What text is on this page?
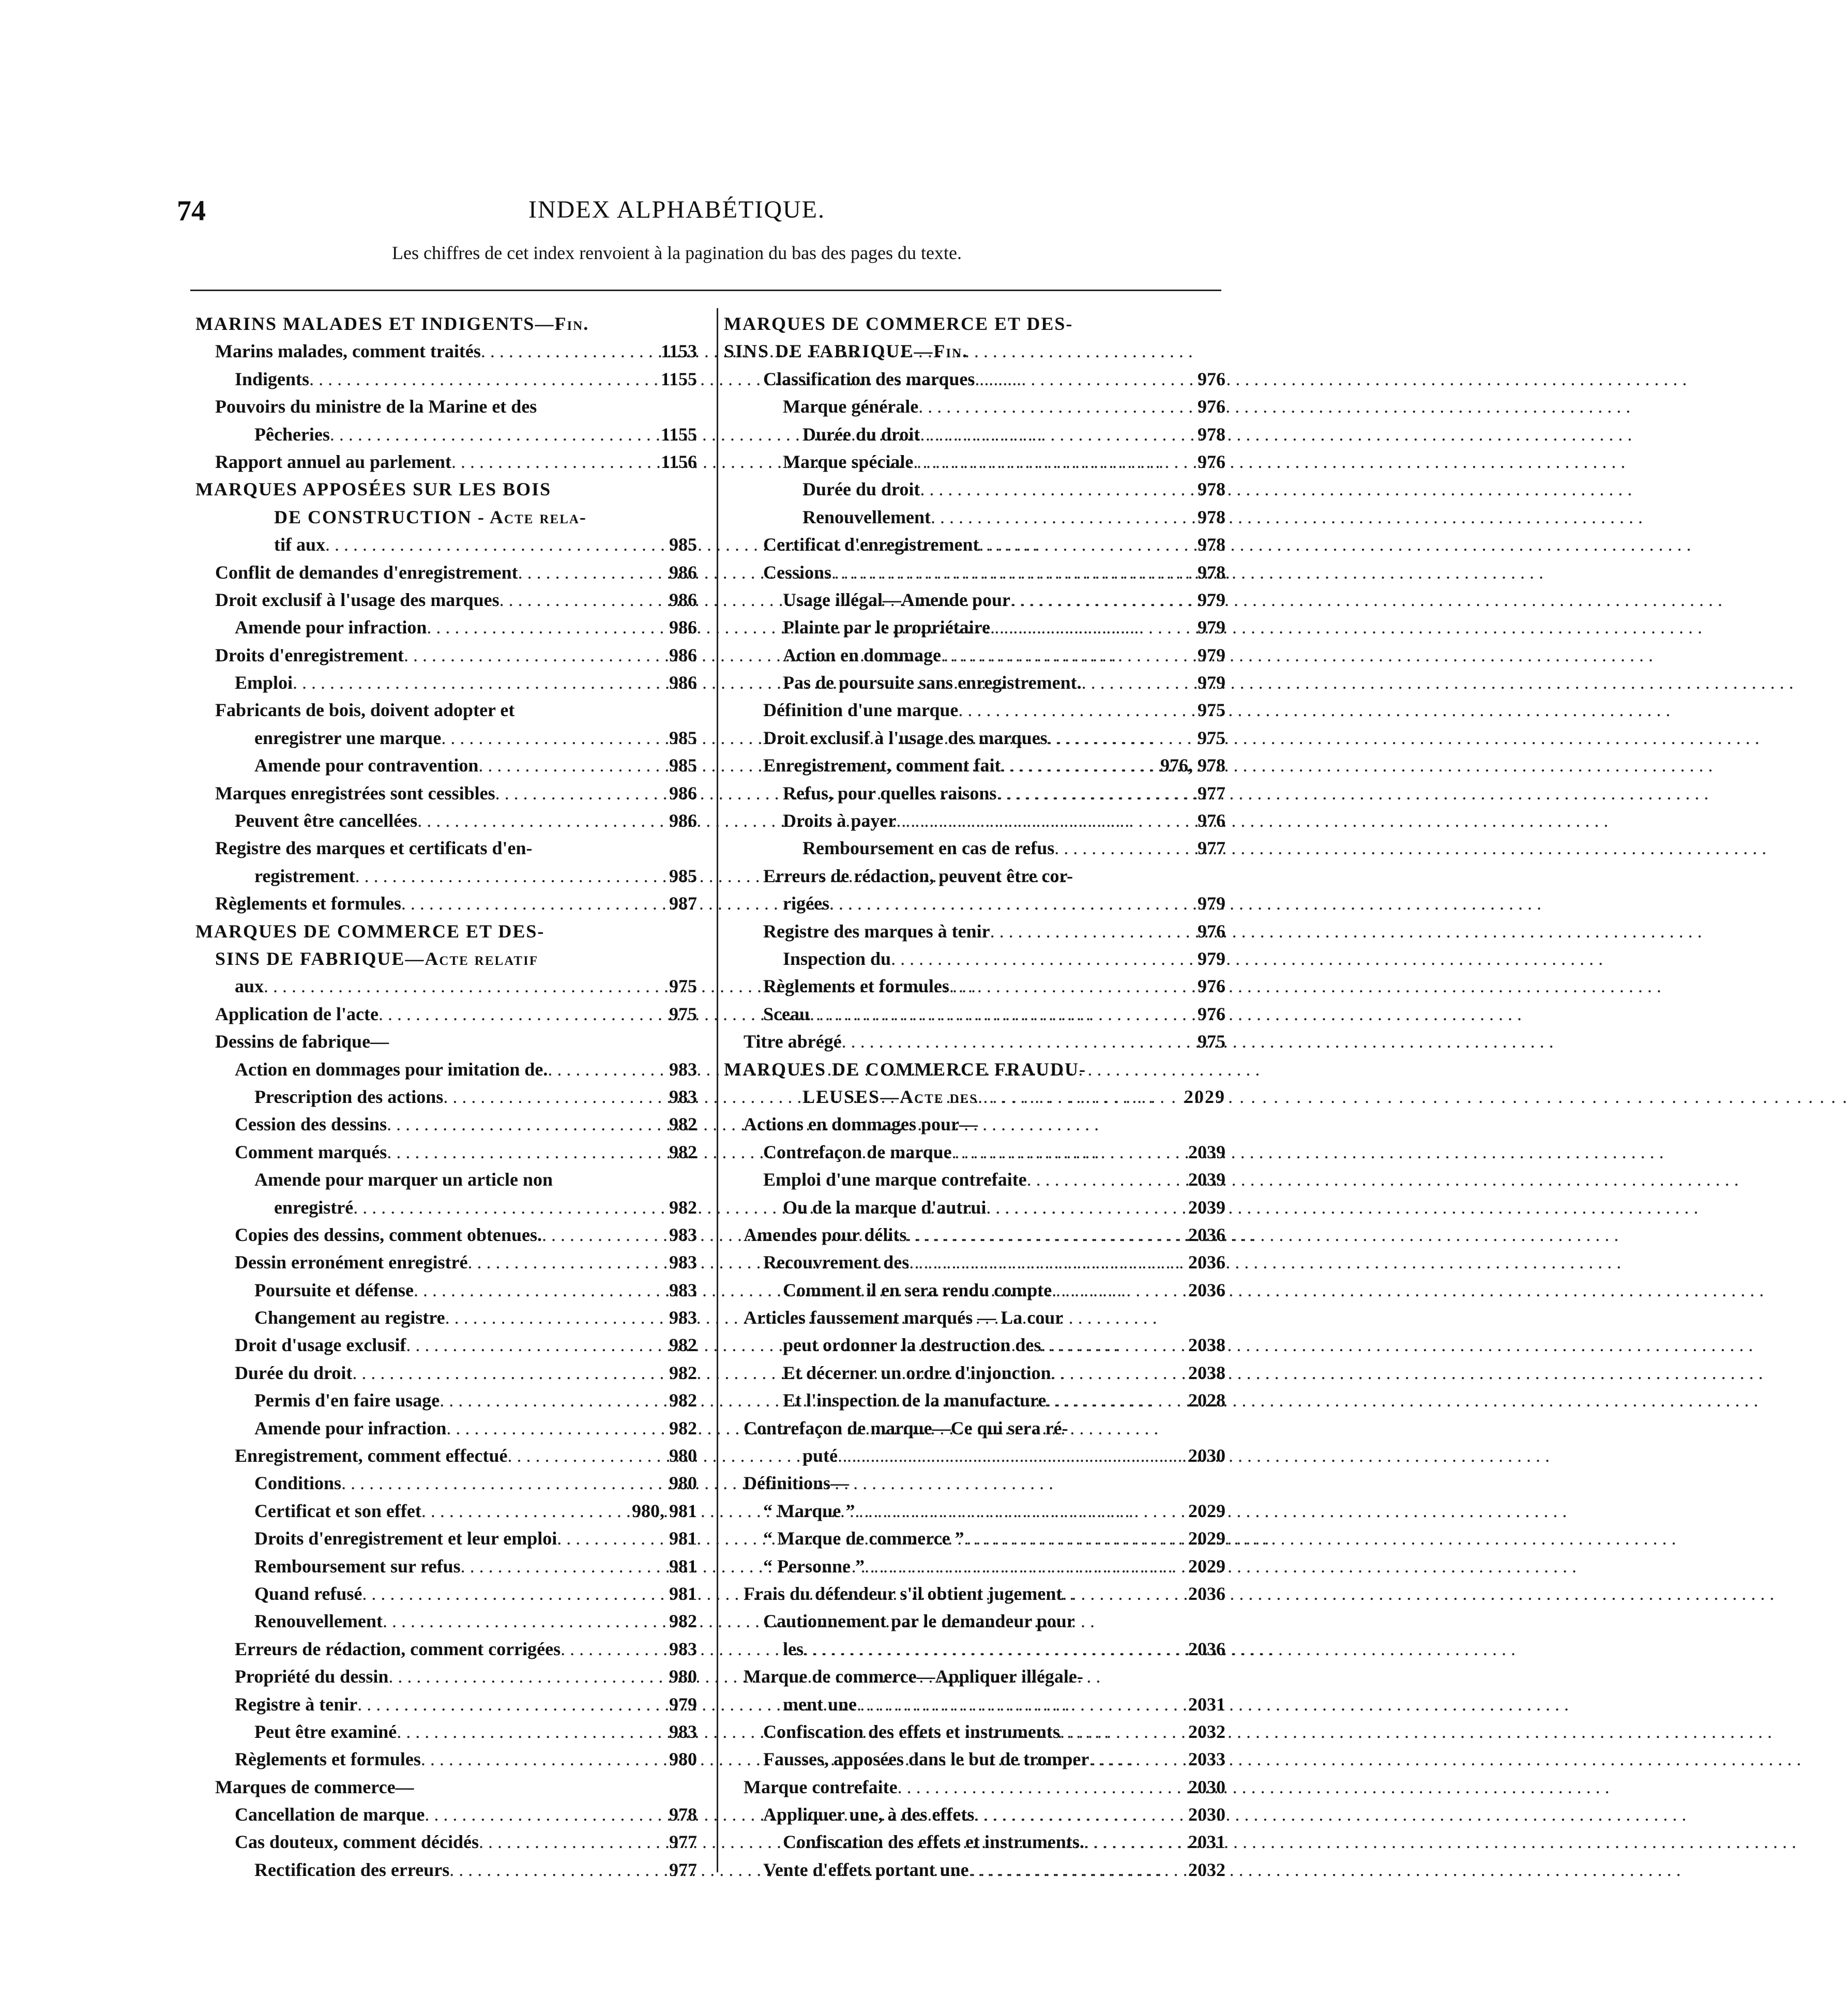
74	INDEX ALPHABÉTIQUE.
Les chiffres de cet index renvoient à la pagination du bas des pages du texte.
MARINS MALADES ET INDIGENTS—Fin.
Marins malades, comment traités . . .	1153
Indigents . . .	1155
Pouvoirs du ministre de la Marine et des
Pêcheries . . .	1155
Rapport annuel au parlement . . .	1156
MARQUES APPOSÉES SUR LES BOIS
DE CONSTRUCTION - Acte rela-
tif aux . . .	985
Conflit de demandes d'enregistrement . . .	986
Droit exclusif à l'usage des marques . . .	986
Amende pour infraction . . .	986
Droits d'enregistrement . . .	986
Emploi . . .	986
Fabricants de bois, doivent adopter et
enregistrer une marque . . .	985
Amende pour contravention . . .	985
Marques enregistrées sont cessibles . . .	986
Peuvent être cancellées . . .	986
Registre des marques et certificats d'en-
registrement . . .	985
Règlements et formules . . .	987
MARQUES DE COMMERCE ET DES-
SINS DE FABRIQUE—Acte relatif
aux . . .	975
Application de l'acte . . .	975
Dessins de fabrique—
Action en dommages pour imitation de. . . .	983
Prescription des actions . . .	983
Cession des dessins . . .	982
Comment marqués . . .	982
Amende pour marquer un article non
enregistré . . .	982
Copies des dessins, comment obtenues. . . .	983
Dessin erronément enregistré . . .	983
Poursuite et défense . . .	983
Changement au registre . . .	983
Droit d'usage exclusif . . .	982
Durée du droit . . .	982
Permis d'en faire usage . . .	982
Amende pour infraction . . .	982
Enregistrement, comment effectué . . .	980
Conditions . . .	980
Certificat et son effet . . .	980, 981
Droits d'enregistrement et leur emploi . . .	981
Remboursement sur refus . . .	981
Quand refusé . . .	981
Renouvellement . . .	982
Erreurs de rédaction, comment corrigées . . .	983
Propriété du dessin . . .	980
Registre à tenir . . .	979
Peut être examiné . . .	983
Règlements et formules . . .	980
Marques de commerce—
Cancellation de marque . . .	978
Cas douteux, comment décidés . . .	977
Rectification des erreurs . . .	977
MARQUES DE COMMERCE ET DES-
SINS DE FABRIQUE—Fin.
Classification des marques . . .	976
Marque générale . . .	976
Durée du droit . . .	978
Marque spéciale . . .	976
Durée du droit . . .	978
Renouvellement . . .	978
Certificat d'enregistrement . . .	978
Cessions . . .	978
Usage illégal—Amende pour . . .	979
Plainte par le propriétaire . . .	979
Action en dommage . . .	979
Pas de poursuite sans enregistrement. . . .	979
Définition d'une marque . . .	975
Droit exclusif à l'usage des marques . . .	975
Enregistrement, comment fait . . .	976, 978
Refus, pour quelles raisons . . .	977
Droits à payer . . .	976
Remboursement en cas de refus . . .	977
Erreurs de rédaction, peuvent être cor-
rigées . . .	979
Registre des marques à tenir . . .	976
Inspection du . . .	979
Règlements et formules . . .	976
Sceau . . .	976
Titre abrégé . . .	975
MARQUES DE COMMERCE FRAUDU-
LEUSES—Acte des . . .	2029
Actions en dommages pour—
Contrefaçon de marque . . .	2039
Emploi d'une marque contrefaite . . .	2039
Ou de la marque d'autrui . . .	2039
Amendes pour délits . . .	2036
Recouvrement des . . .	2036
Comment il en sera rendu compte . . .	2036
Articles faussement marqués — La cour
peut ordonner la destruction des . . .	2038
Et décerner un ordre d'injonction . . .	2038
Et l'inspection de la manufacture . . .	2028
Contrefaçon de marque—Ce qui sera ré-
puté . . .	2030
Définitions—
“ Marque ” . . .	2029
“ Marque de commerce ” . . .	2029
“ Personne ” . . .	2029
Frais du défendeur s'il obtient jugement . . .	2036
Cautionnement par le demandeur pour
les . . .	2036
Marque de commerce—Appliquer illégale-
ment une . . .	2031
Confiscation des effets et instruments . . .	2032
Fausses, apposées dans le but de tromper . . .	2033
Marque contrefaite . . .	2030
Appliquer une, à des effets . . .	2030
Confiscation des effets et instruments. . . .	2031
Vente d'effets portant une . . .	2032
